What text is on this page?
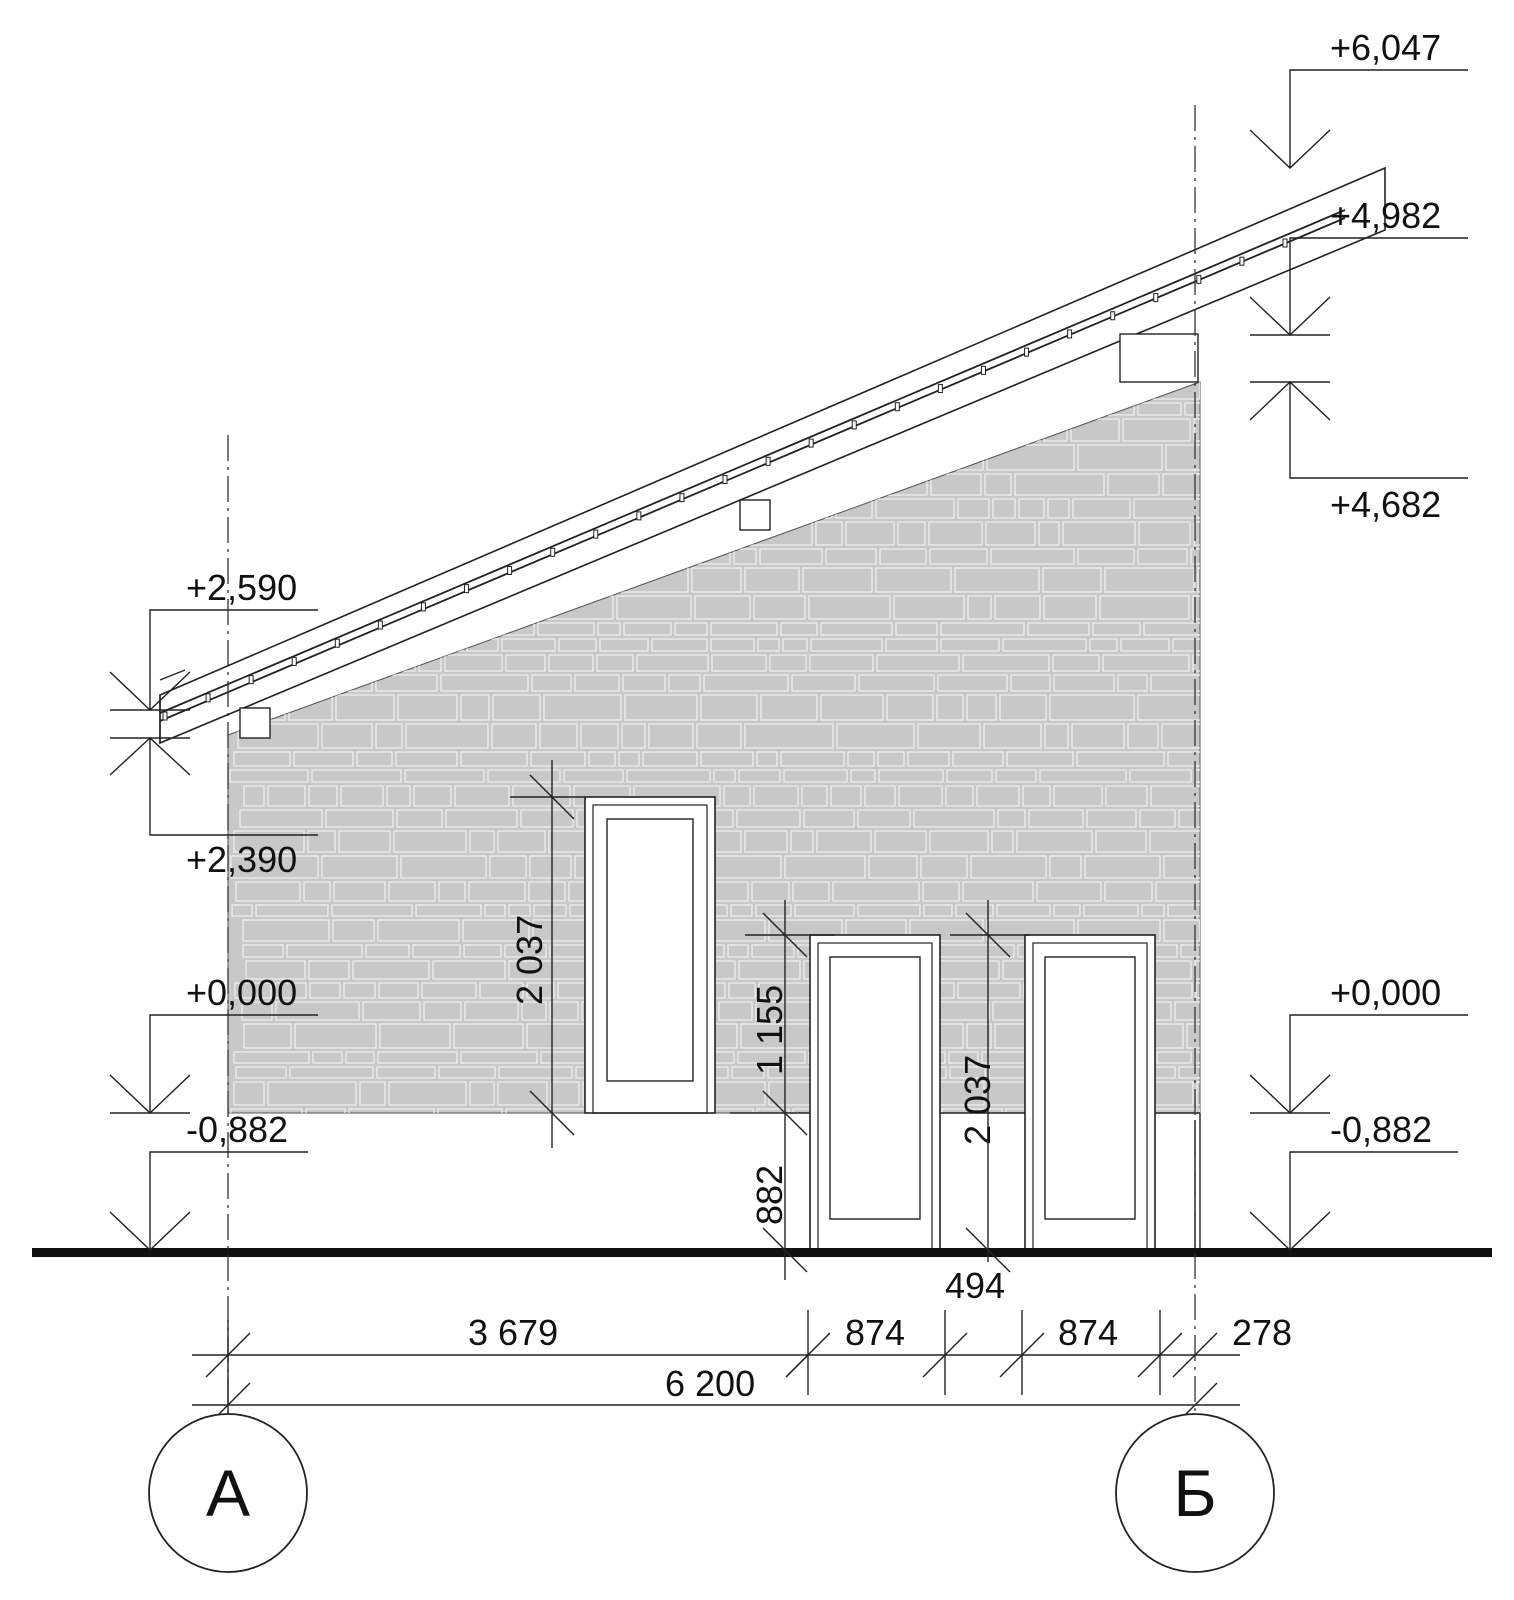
+2,590
+2,390
+0,000
-0,882
+6,047
+4,982
+4,682
+0,000
-0,882
2 037
1 155
882
2 037
494
3 679	874	874	278
6 200
А	Б
